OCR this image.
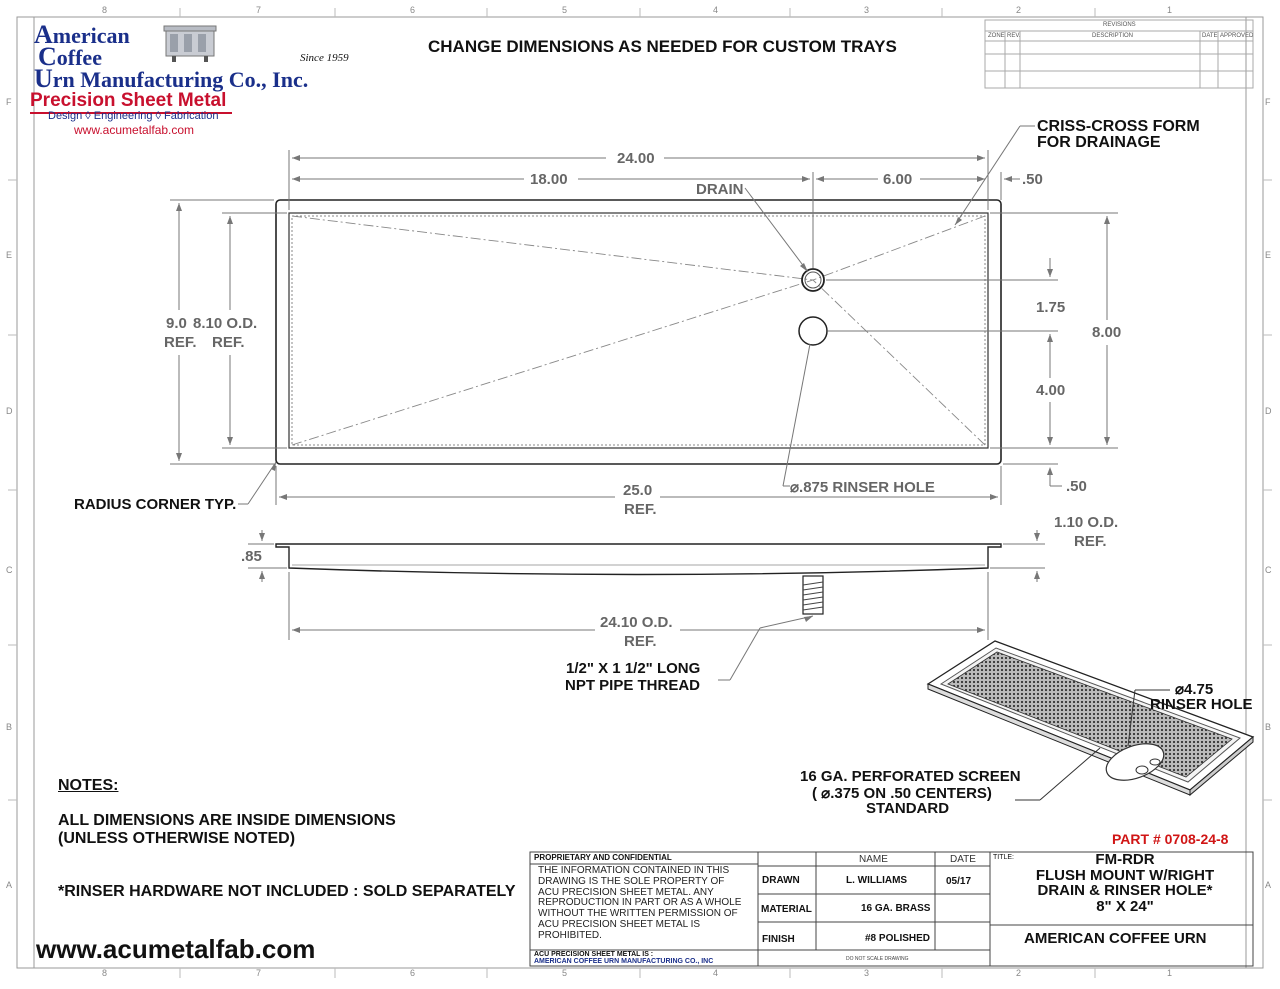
8	7	6	5	4	3	2	1
8	7	6	5	4	3	2	1
F
E
D
C
B
A
F
E
D
C
B
A
American
Coffee
Urn Manufacturing Co., Inc.
Since 1959
Precision Sheet Metal
Design ◊ Engineering ◊ Fabrication
www.acumetalfab.com
CHANGE DIMENSIONS AS NEEDED FOR CUSTOM TRAYS
REVISIONS
ZONE REV.	DESCRIPTION	DATE APPROVED
24.00
18.00	6.00	.50
DRAIN
CRISS-CROSS FORM
FOR DRAINAGE
9.0
REF.
8.10 O.D.
REF.
1.75
4.00
8.00
.50
⌀.875 RINSER HOLE
RADIUS CORNER TYP.
25.0
REF.
.85
1.10 O.D.
REF.
24.10 O.D.
REF.
1/2" X 1 1/2" LONG
NPT PIPE THREAD	⌀4.75
RINSER HOLE
16 GA. PERFORATED SCREEN
( ⌀.375 ON .50 CENTERS)
STANDARD
NOTES:
ALL DIMENSIONS ARE INSIDE DIMENSIONS
(UNLESS OTHERWISE NOTED)
*RINSER HARDWARE NOT INCLUDED : SOLD SEPARATELY
www.acumetalfab.com
PART # 0708-24-8
PROPRIETARY AND CONFIDENTIAL
THE INFORMATION CONTAINED IN THIS
DRAWING IS THE SOLE PROPERTY OF
ACU PRECISION SHEET METAL. ANY
REPRODUCTION IN PART OR AS A WHOLE
WITHOUT THE WRITTEN PERMISSION OF
ACU PRECISION SHEET METAL IS
PROHIBITED.
ACU PRECISION SHEET METAL IS :
AMERICAN COFFEE URN MANUFACTURING CO., INC
NAME	DATE
DRAWN	L. WILLIAMS	05/17
MATERIAL	16 GA. BRASS
FINISH	#8 POLISHED
DO NOT SCALE DRAWING
TITLE:	FM-RDR
FLUSH MOUNT W/RIGHT
DRAIN & RINSER HOLE*
8" X 24"
AMERICAN COFFEE URN
